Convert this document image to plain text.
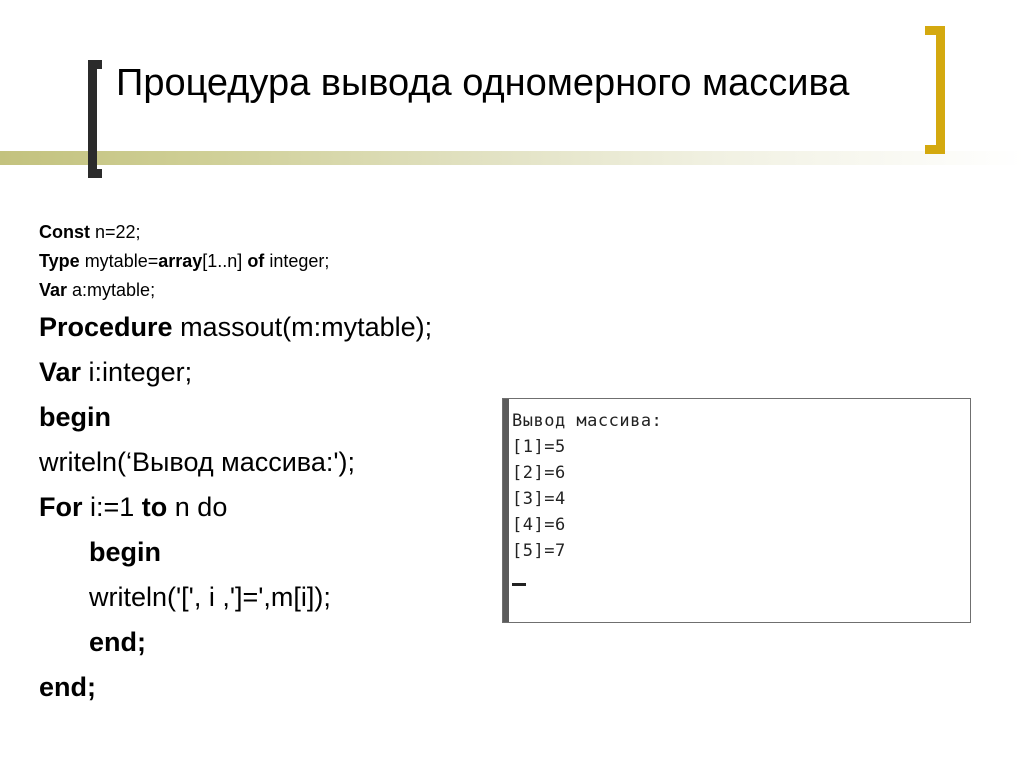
Процедура вывода одномерного массива
Const n=22;
Type mytable=array[1..n] of integer;
Var a:mytable;
Procedure massout(m:mytable);
Var i:integer;
begin
writeln(‘Вывод массива:');
For i:=1 to n do
begin
writeln('[', i ,']=',m[i]);
end;
end;
Вывод массива:
[1]=5
[2]=6
[3]=4
[4]=6
[5]=7
